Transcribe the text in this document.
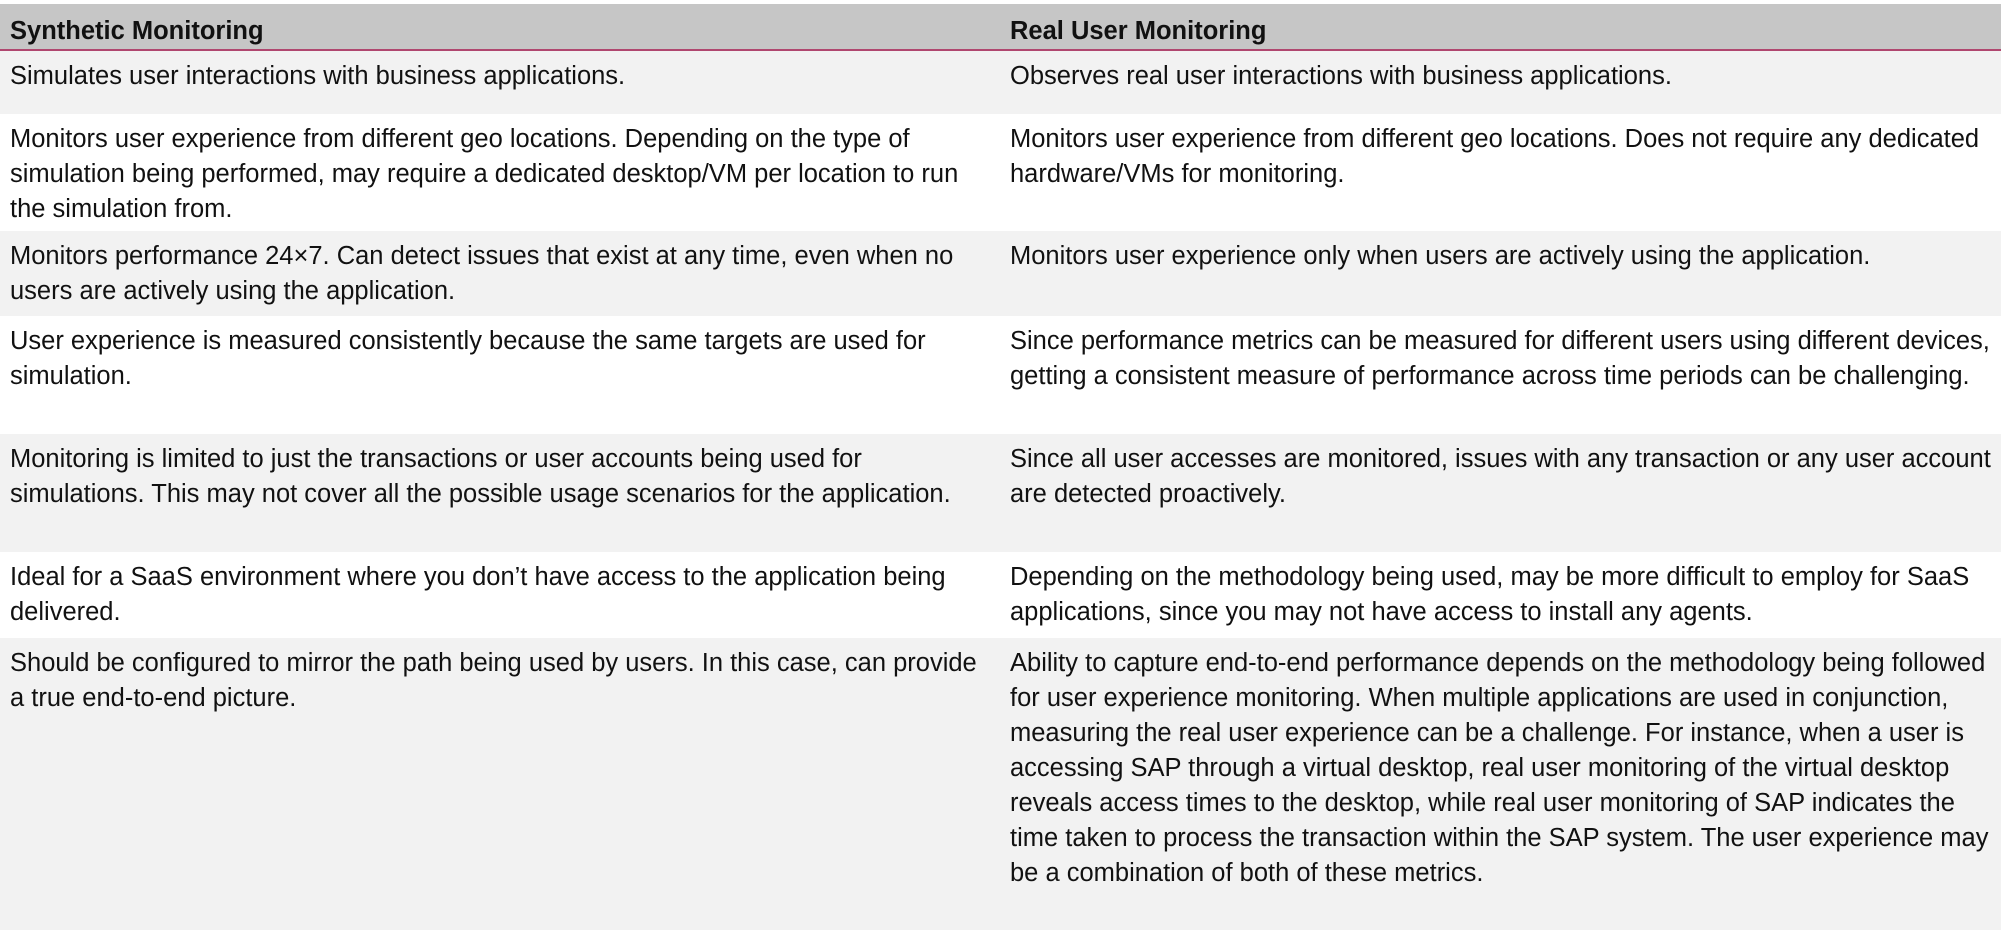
Synthetic Monitoring	Real User Monitoring
Simulates user interactions with business applications.	Observes real user interactions with business applications.
Monitors user experience from different geo locations. Depending on the type of simulation being performed, may require a dedicated desktop/VM per location to run the simulation from.
Monitors user experience from different geo locations. Does not require any dedicated hardware/VMs for monitoring.
Monitors performance 24×7. Can detect issues that exist at any time, even when no users are actively using the application.
Monitors user experience only when users are actively using the application.
User experience is measured consistently because the same targets are used for simulation.
Since performance metrics can be measured for different users using different devices, getting a consistent measure of performance across time periods can be challenging.
Monitoring is limited to just the transactions or user accounts being used for simulations. This may not cover all the possible usage scenarios for the application.
Since all user accesses are monitored, issues with any transaction or any user account are detected proactively.
Ideal for a SaaS environment where you don’t have access to the application being delivered.
Depending on the methodology being used, may be more difficult to employ for SaaS applications, since you may not have access to install any agents.
Should be configured to mirror the path being used by users. In this case, can provide a true end-to-end picture.
Ability to capture end-to-end performance depends on the methodology being followed for user experience monitoring. When multiple applications are used in conjunction, measuring the real user experience can be a challenge. For instance, when a user is accessing SAP through a virtual desktop, real user monitoring of the virtual desktop reveals access times to the desktop, while real user monitoring of SAP indicates the time taken to process the transaction within the SAP system. The user experience may be a combination of both of these metrics.
